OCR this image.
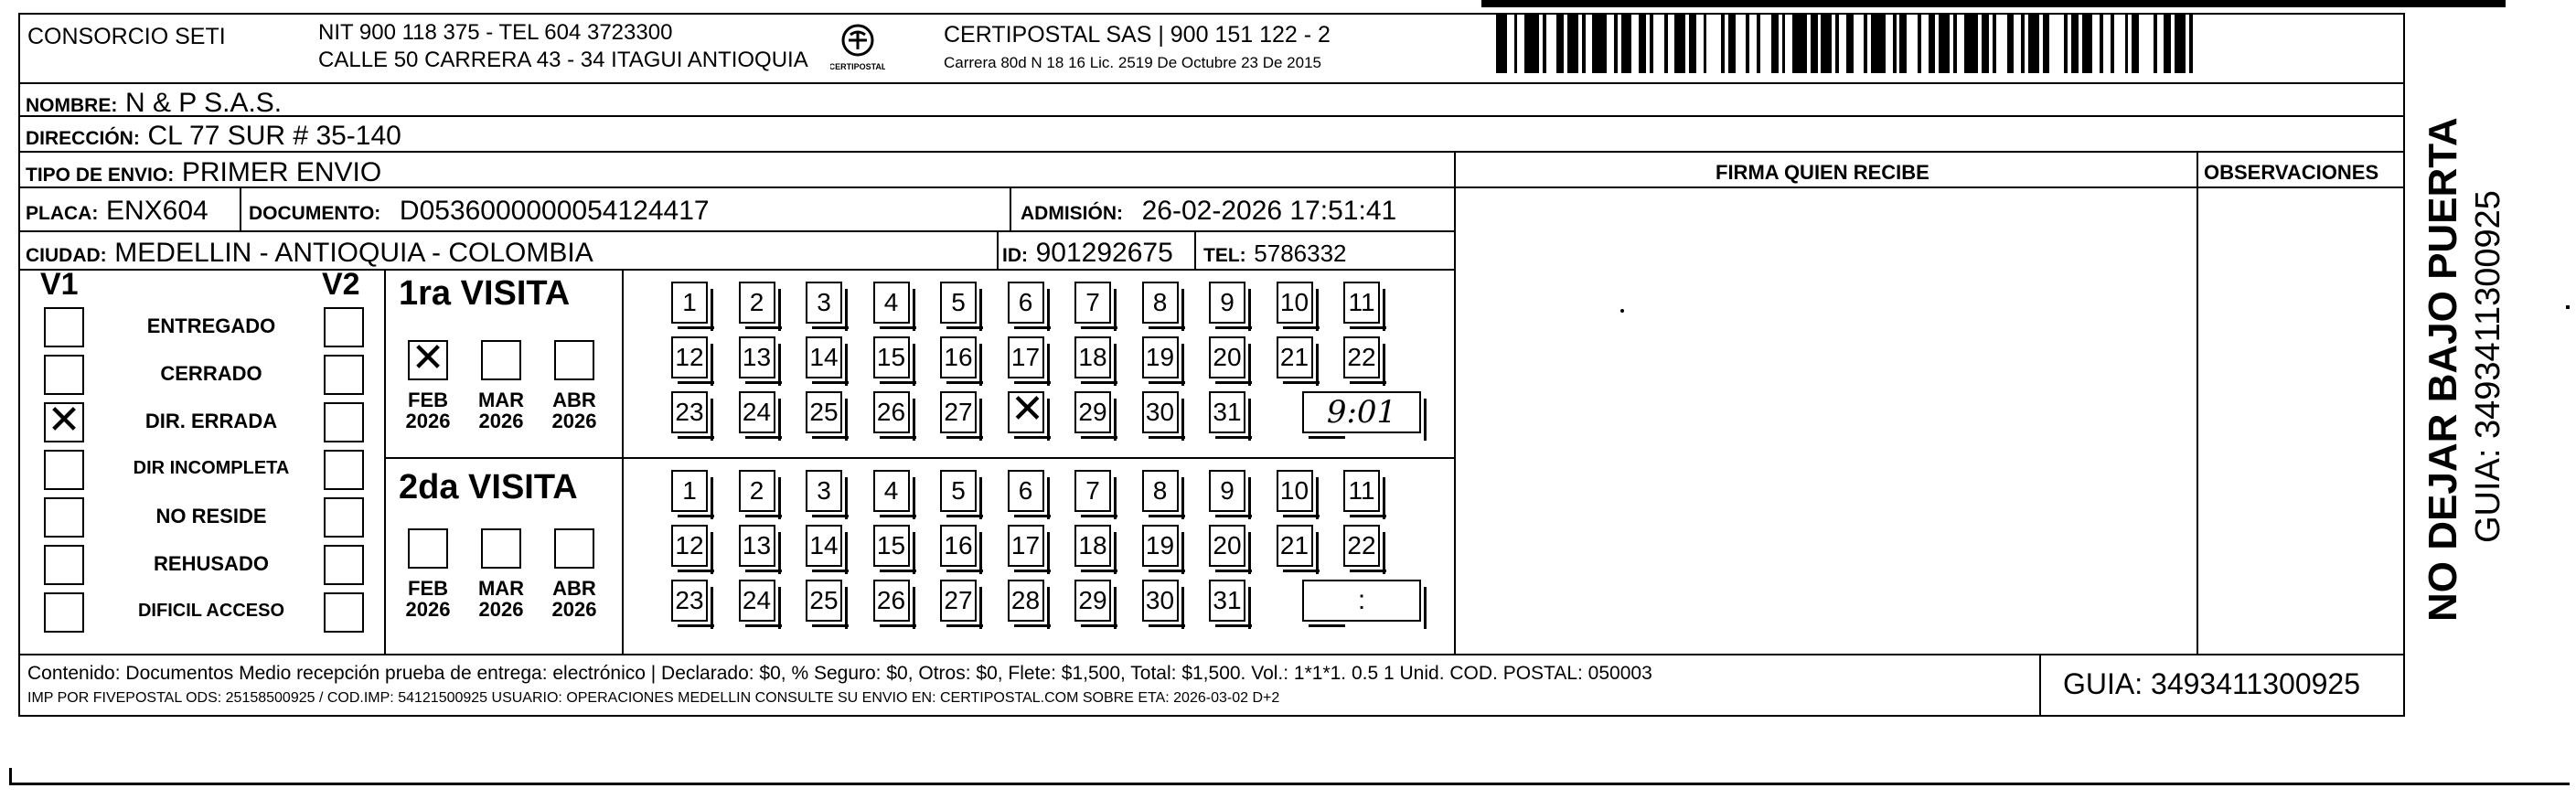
CONSORCIO SETI	NIT 900 118 375 - TEL 604 3723300
CALLE 50 CARRERA 43 - 34 ITAGUI ANTIOQUIA	CERTIPOSTAL
CERTIPOSTAL SAS | 900 151 122 - 2
Carrera 80d N 18 16 Lic. 2519 De Octubre 23 De 2015
NOMBRE: N & P S.A.S.
DIRECCIÓN: CL 77 SUR # 35-140
TIPO DE ENVIO: PRIMER ENVIO	FIRMA QUIEN RECIBE	OBSERVACIONES
PLACA: ENX604 DOCUMENTO: D0536000000054124417	ADMISIÓN: 26-02-2026 17:51:41
CIUDAD: MEDELLIN - ANTIOQUIA - COLOMBIA	ID: 901292675 TEL: 5786332
V1	V2
ENTREGADO
CERRADO
✕	DIR. ERRADA
DIR INCOMPLETA
NO RESIDE
REHUSADO
DIFICIL ACCESO
1ra VISITA
2da VISITA
✕
FEB
2026
MAR
2026
ABR
2026
1	2	3	4	5	6	7	8	9	10 11
12 13 14 15 16 17 18 19 20 21 22
23 24 25 26 27 ✕ 29 30 31	9:01
FEB
2026
MAR
2026
ABR
2026
1	2	3	4	5	6	7	8	9	10 11
12 13 14 15 16 17 18 19 20 21 22
23 24 25 26 27 28 29 30 31	:
Contenido: Documentos Medio recepción prueba de entrega: electrónico | Declarado: $0, % Seguro: $0, Otros: $0, Flete: $1,500, Total: $1,500. Vol.: 1*1*1. 0.5 1 Unid. COD. POSTAL: 050003
IMP POR FIVEPOSTAL ODS: 25158500925 / COD.IMP: 54121500925 USUARIO: OPERACIONES MEDELLIN CONSULTE SU ENVIO EN: CERTIPOSTAL.COM SOBRE ETA: 2026-03-02 D+2	GUIA: 3493411300925
NO DEJAR BAJO PUERTA GUIA: 3493411300925
